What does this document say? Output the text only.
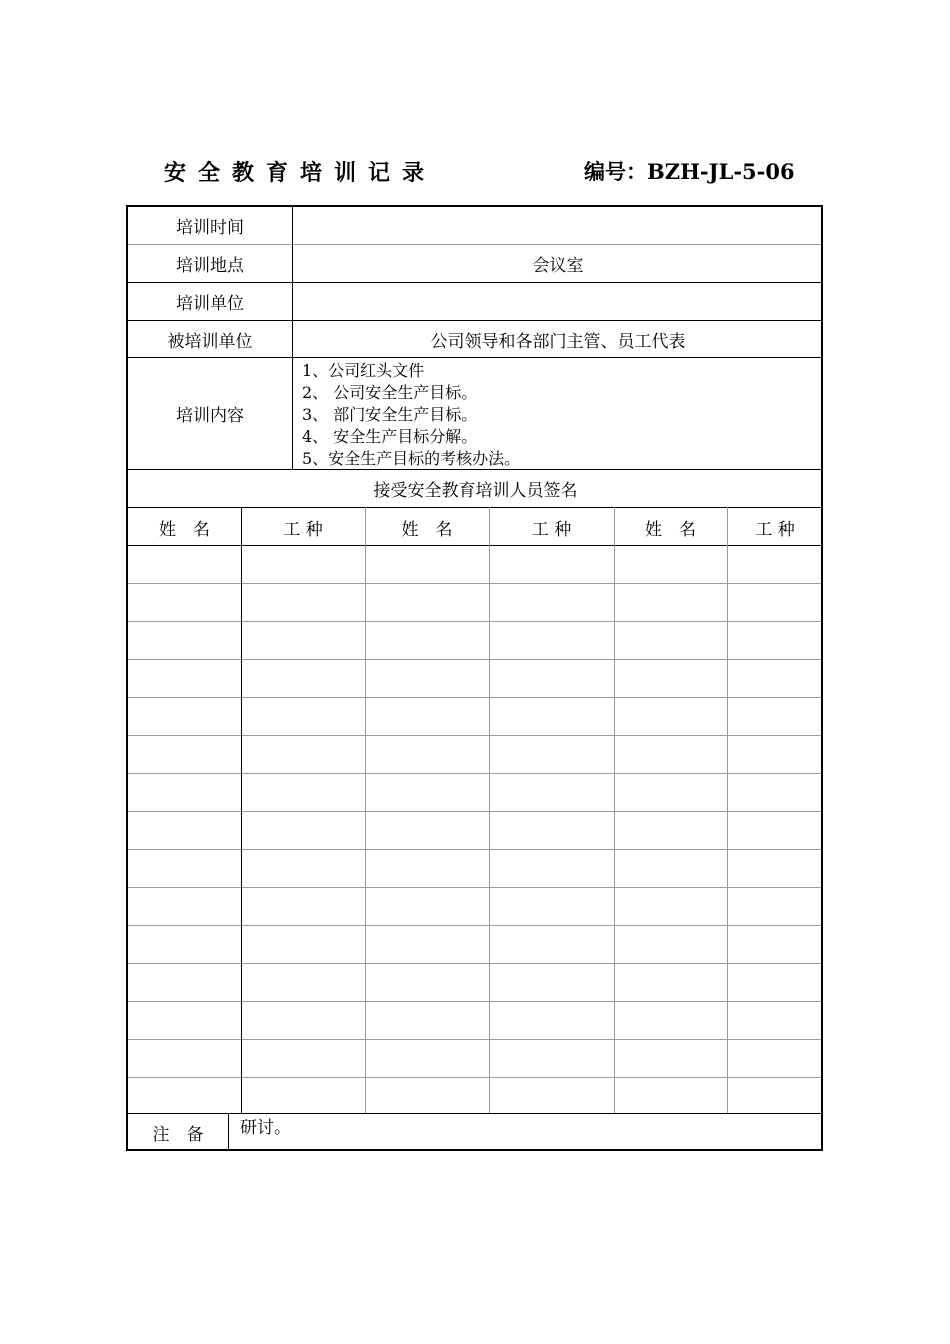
安全教育培训记录	编号：BZH-JL-5-06
培训时间
培训地点	会议室
培训单位
被培训单位	公司领导和各部门主管、员工代表
培训内容
1、公司红头文件
2、 公司安全生产目标。
3、 部门安全生产目标。
4、 安全生产目标分解。
5、安全生产目标的考核办法。
接受安全教育培训人员签名
姓　名	工 种	姓　名	工 种	姓　名	工 种
注　备	研讨。
